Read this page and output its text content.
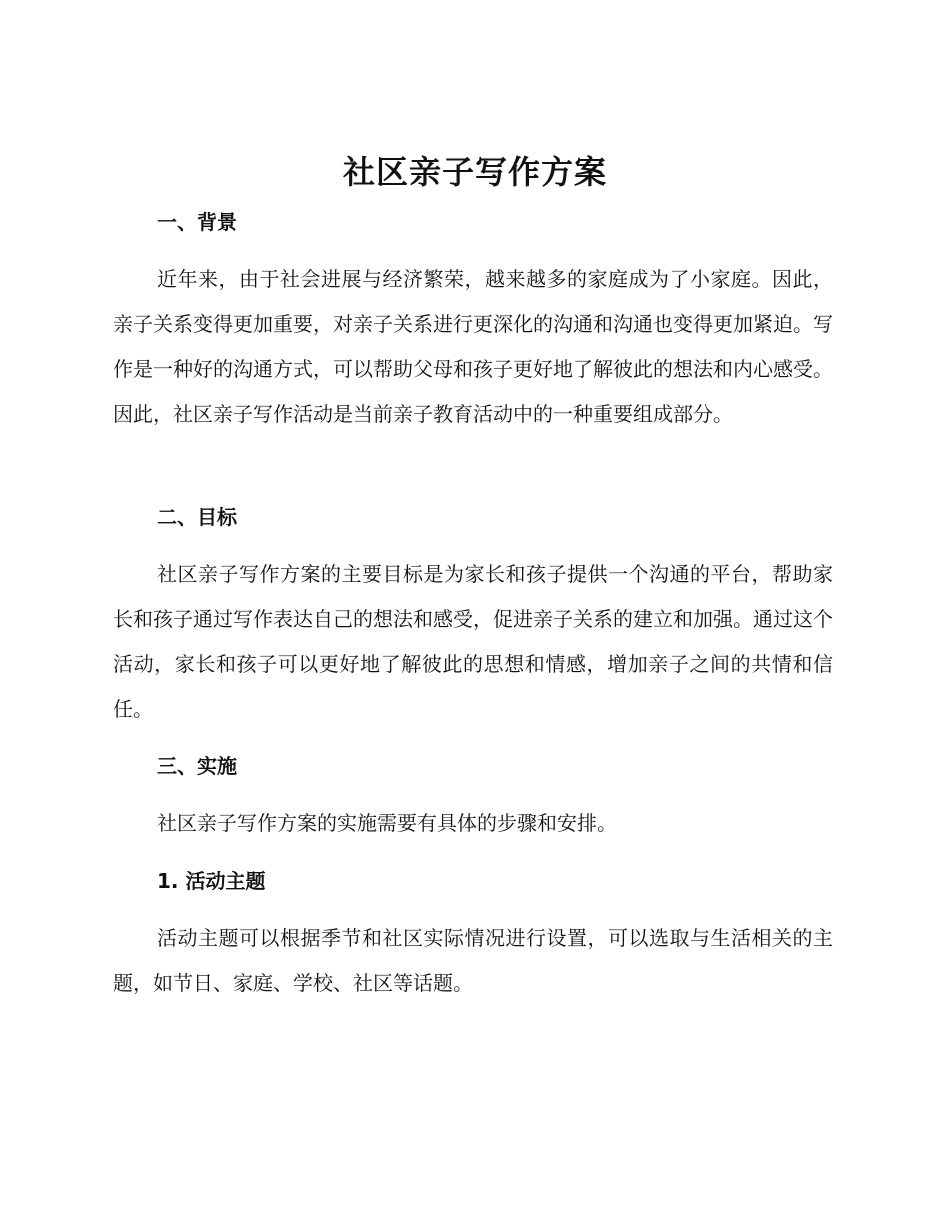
社区亲子写作方案
一、背景

近年来，由于社会进展与经济繁荣，越来越多的家庭成为了小家庭。因此，亲子关系变得更加重要，对亲子关系进行更深化的沟通和沟通也变得更加紧迫。写作是一种好的沟通方式，可以帮助父母和孩子更好地了解彼此的想法和内心感受。因此，社区亲子写作活动是当前亲子教育活动中的一种重要组成部分。

二、目标

社区亲子写作方案的主要目标是为家长和孩子提供一个沟通的平台，帮助家长和孩子通过写作表达自己的想法和感受，促进亲子关系的建立和加强。通过这个活动，家长和孩子可以更好地了解彼此的思想和情感，增加亲子之间的共情和信任。

三、实施

社区亲子写作方案的实施需要有具体的步骤和安排。

1. 活动主题

活动主题可以根据季节和社区实际情况进行设置，可以选取与生活相关的主题，如节日、家庭、学校、社区等话题。
